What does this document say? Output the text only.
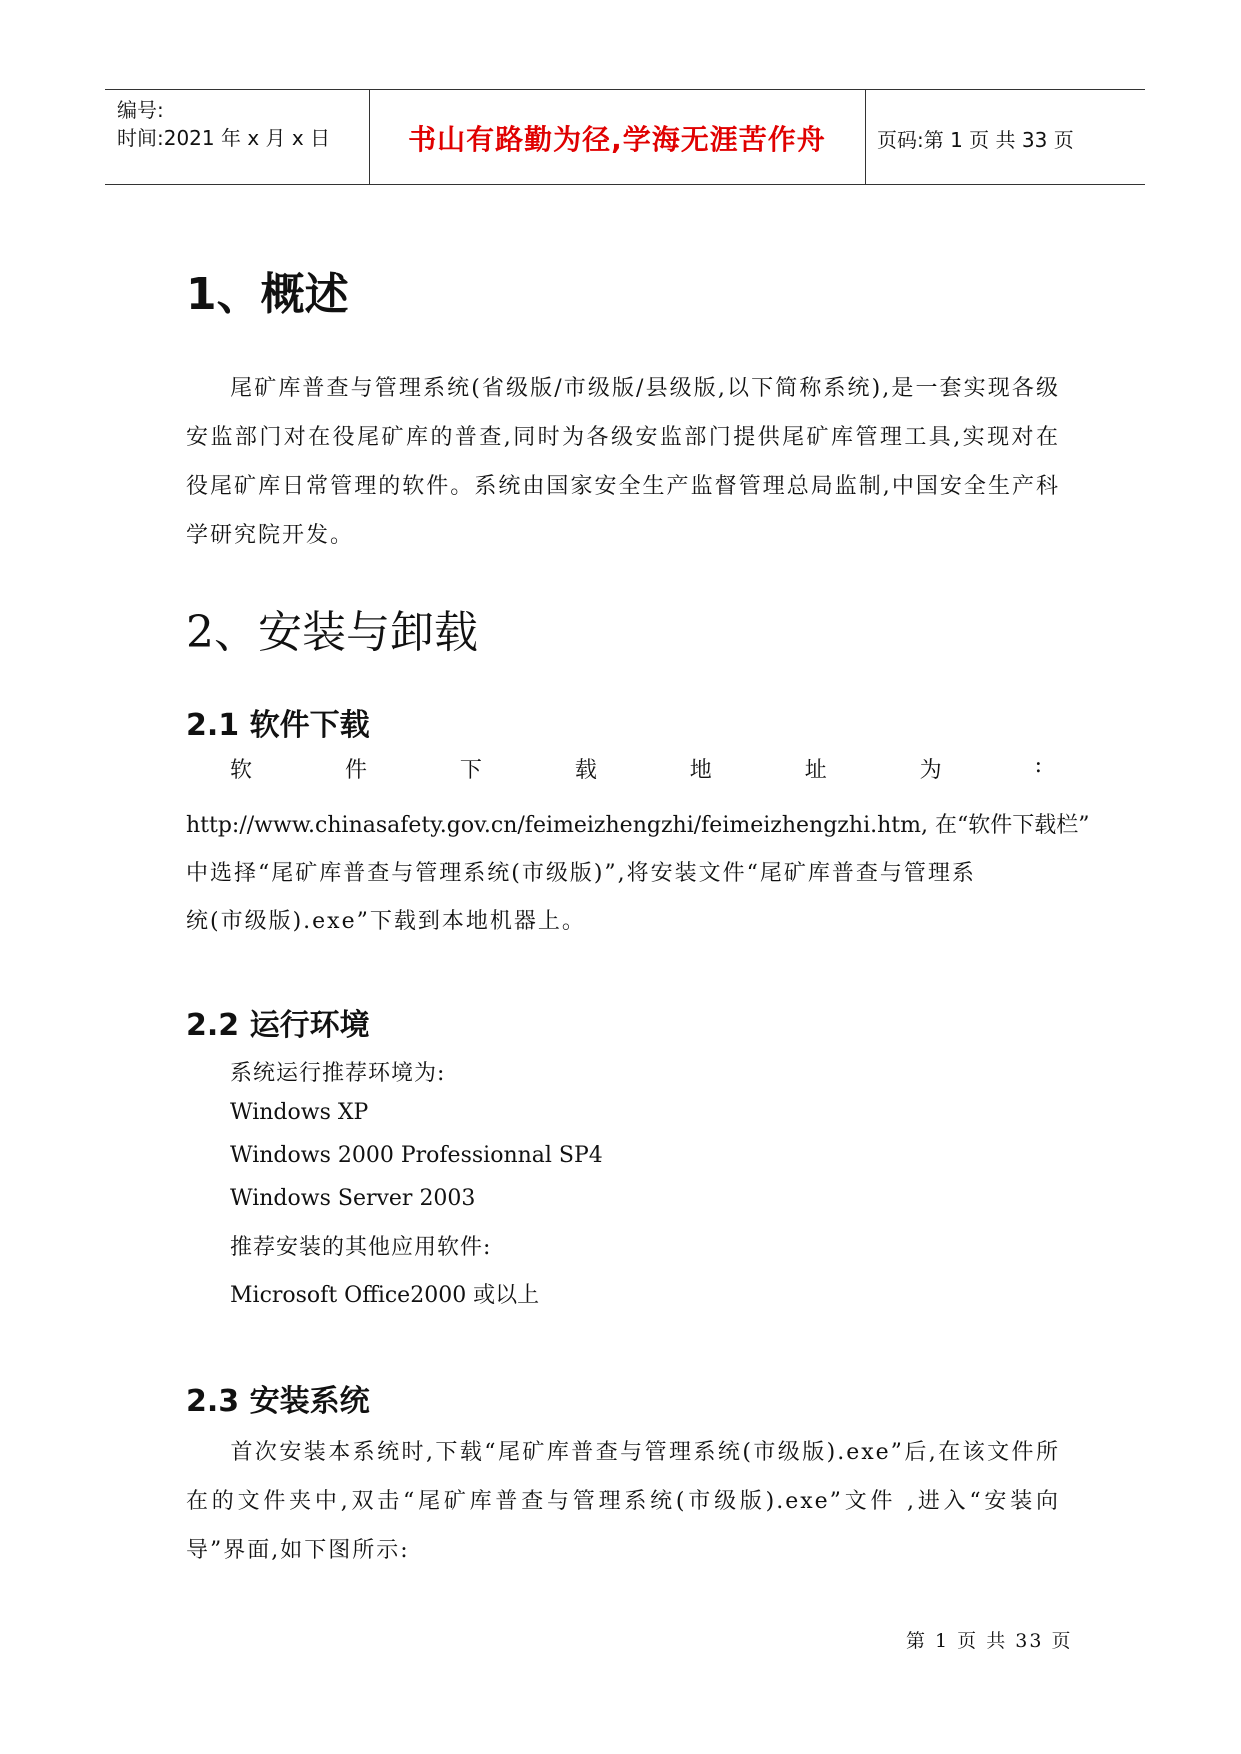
编号:
时间:2021 年 x 月 x 日	书山有路勤为径,学海无涯苦作舟	页码:第 1 页 共 33 页
1、概述

尾矿库普查与管理系统(省级版/市级版/县级版,以下简称系统),是一套实现各级安监部门对在役尾矿库的普查,同时为各级安监部门提供尾矿库管理工具,实现对在役尾矿库日常管理的软件。系统由国家安全生产监督管理总局监制,中国安全生产科学研究院开发。

2、安装与卸载
2.1 软件下载
软	件	下	载	地	址	为	:

http://www.chinasafety.gov.cn/feimeizhengzhi/feimeizhengzhi.htm, 在“软件下载栏”

中选择“尾矿库普查与管理系统(市级版)”,将安装文件“尾矿库普查与管理系

统(市级版).exe”下载到本地机器上。

2.2 运行环境

系统运行推荐环境为:

Windows XP

Windows 2000 Professionnal SP4

Windows Server 2003

推荐安装的其他应用软件:

Microsoft Office2000 或以上

2.3 安装系统

首次安装本系统时,下载“尾矿库普查与管理系统(市级版).exe”后,在该文件所在的文件夹中,双击“尾矿库普查与管理系统(市级版).exe”文件 ,进入“安装向导”界面,如下图所示:

第 1 页 共 33 页
